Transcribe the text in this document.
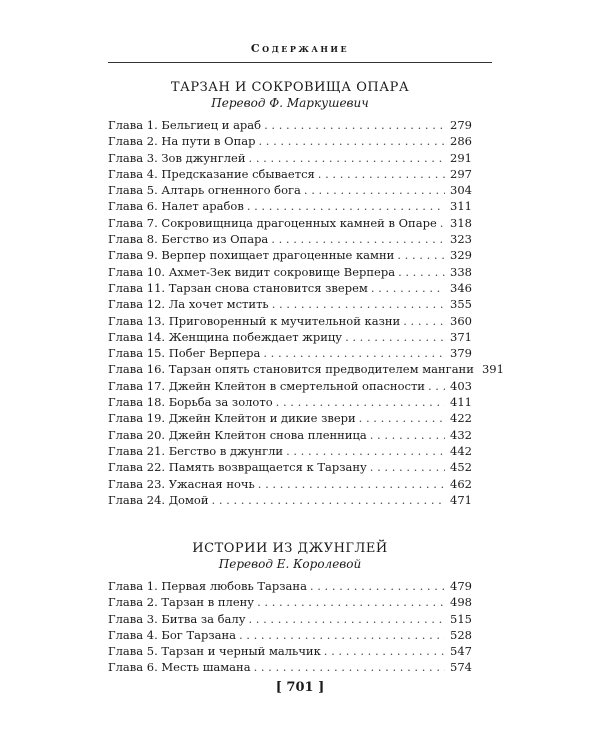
Содержание
ТАРЗАН И СОКРОВИЩА ОПАРА
Перевод Ф. Маркушевич
Глава 1. Бельгиец и араб . . .	279
Глава 2. На пути в Опар . . .	286
Глава 3. Зов джунглей . . .	291
Глава 4. Предсказание сбывается . . .	297
Глава 5. Алтарь огненного бога . . .	304
Глава 6. Налет арабов . . .	311
Глава 7. Сокровищница драгоценных камней в Опаре . . . 318
Глава 8. Бегство из Опара . . .	323
Глава 9. Верпер похищает драгоценные камни . . .	329
Глава 10. Ахмет-Зек видит сокровище Верпера . . .	338
Глава 11. Тарзан снова становится зверем . . .	346
Глава 12. Ла хочет мстить . . .	355
Глава 13. Приговоренный к мучительной казни . . .	360
Глава 14. Женщина побеждает жрицу . . .	371
Глава 15. Побег Верпера . . .	379
Глава 16. Тарзан опять становится предводителем мангани 391
Глава 17. Джейн Клейтон в смертельной опасности . . . 403
Глава 18. Борьба за золото . . .	411
Глава 19. Джейн Клейтон и дикие звери . . .	422
Глава 20. Джейн Клейтон снова пленница . . .	432
Глава 21. Бегство в джунгли . . .	442
Глава 22. Память возвращается к Тарзану . . .	452
Глава 23. Ужасная ночь . . .	462
Глава 24. Домой . . .	471
ИСТОРИИ ИЗ ДЖУНГЛЕЙ
Перевод Е. Королевой
Глава 1. Первая любовь Тарзана . . .	479
Глава 2. Тарзан в плену . . .	498
Глава 3. Битва за балу . . .	515
Глава 4. Бог Тарзана . . .	528
Глава 5. Тарзан и черный мальчик . . .	547
Глава 6. Месть шамана . . .	574
[ 701 ]
